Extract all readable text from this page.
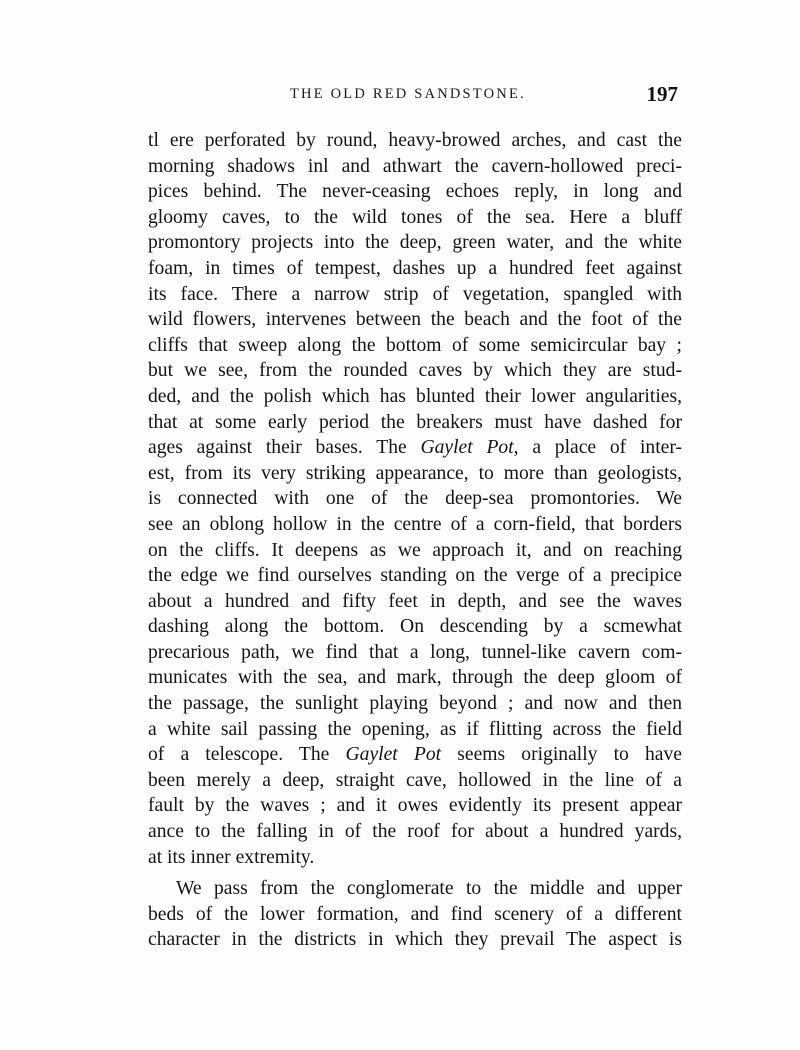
THE OLD RED SANDSTONE.	197
tl ere perforated by round, heavy-browed arches, and cast the
morning shadows inl and athwart the cavern-hollowed preci-
pices behind. The never-ceasing echoes reply, in long and
gloomy caves, to the wild tones of the sea. Here a bluff
promontory projects into the deep, green water, and the white
foam, in times of tempest, dashes up a hundred feet against
its face. There a narrow strip of vegetation, spangled with
wild flowers, intervenes between the beach and the foot of the
cliffs that sweep along the bottom of some semicircular bay ;
but we see, from the rounded caves by which they are stud-
ded, and the polish which has blunted their lower angularities,
that at some early period the breakers must have dashed for
ages against their bases. The Gaylet Pot, a place of inter-
est, from its very striking appearance, to more than geologists,
is connected with one of the deep-sea promontories. We
see an oblong hollow in the centre of a corn-field, that borders
on the cliffs. It deepens as we approach it, and on reaching
the edge we find ourselves standing on the verge of a precipice
about a hundred and fifty feet in depth, and see the waves
dashing along the bottom. On descending by a scmewhat
precarious path, we find that a long, tunnel-like cavern com-
municates with the sea, and mark, through the deep gloom of
the passage, the sunlight playing beyond ; and now and then
a white sail passing the opening, as if flitting across the field
of a telescope. The Gaylet Pot seems originally to have
been merely a deep, straight cave, hollowed in the line of a
fault by the waves ; and it owes evidently its present appear
ance to the falling in of the roof for about a hundred yards,
at its inner extremity.
We pass from the conglomerate to the middle and upper
beds of the lower formation, and find scenery of a different
character in the districts in which they prevail The aspect is
